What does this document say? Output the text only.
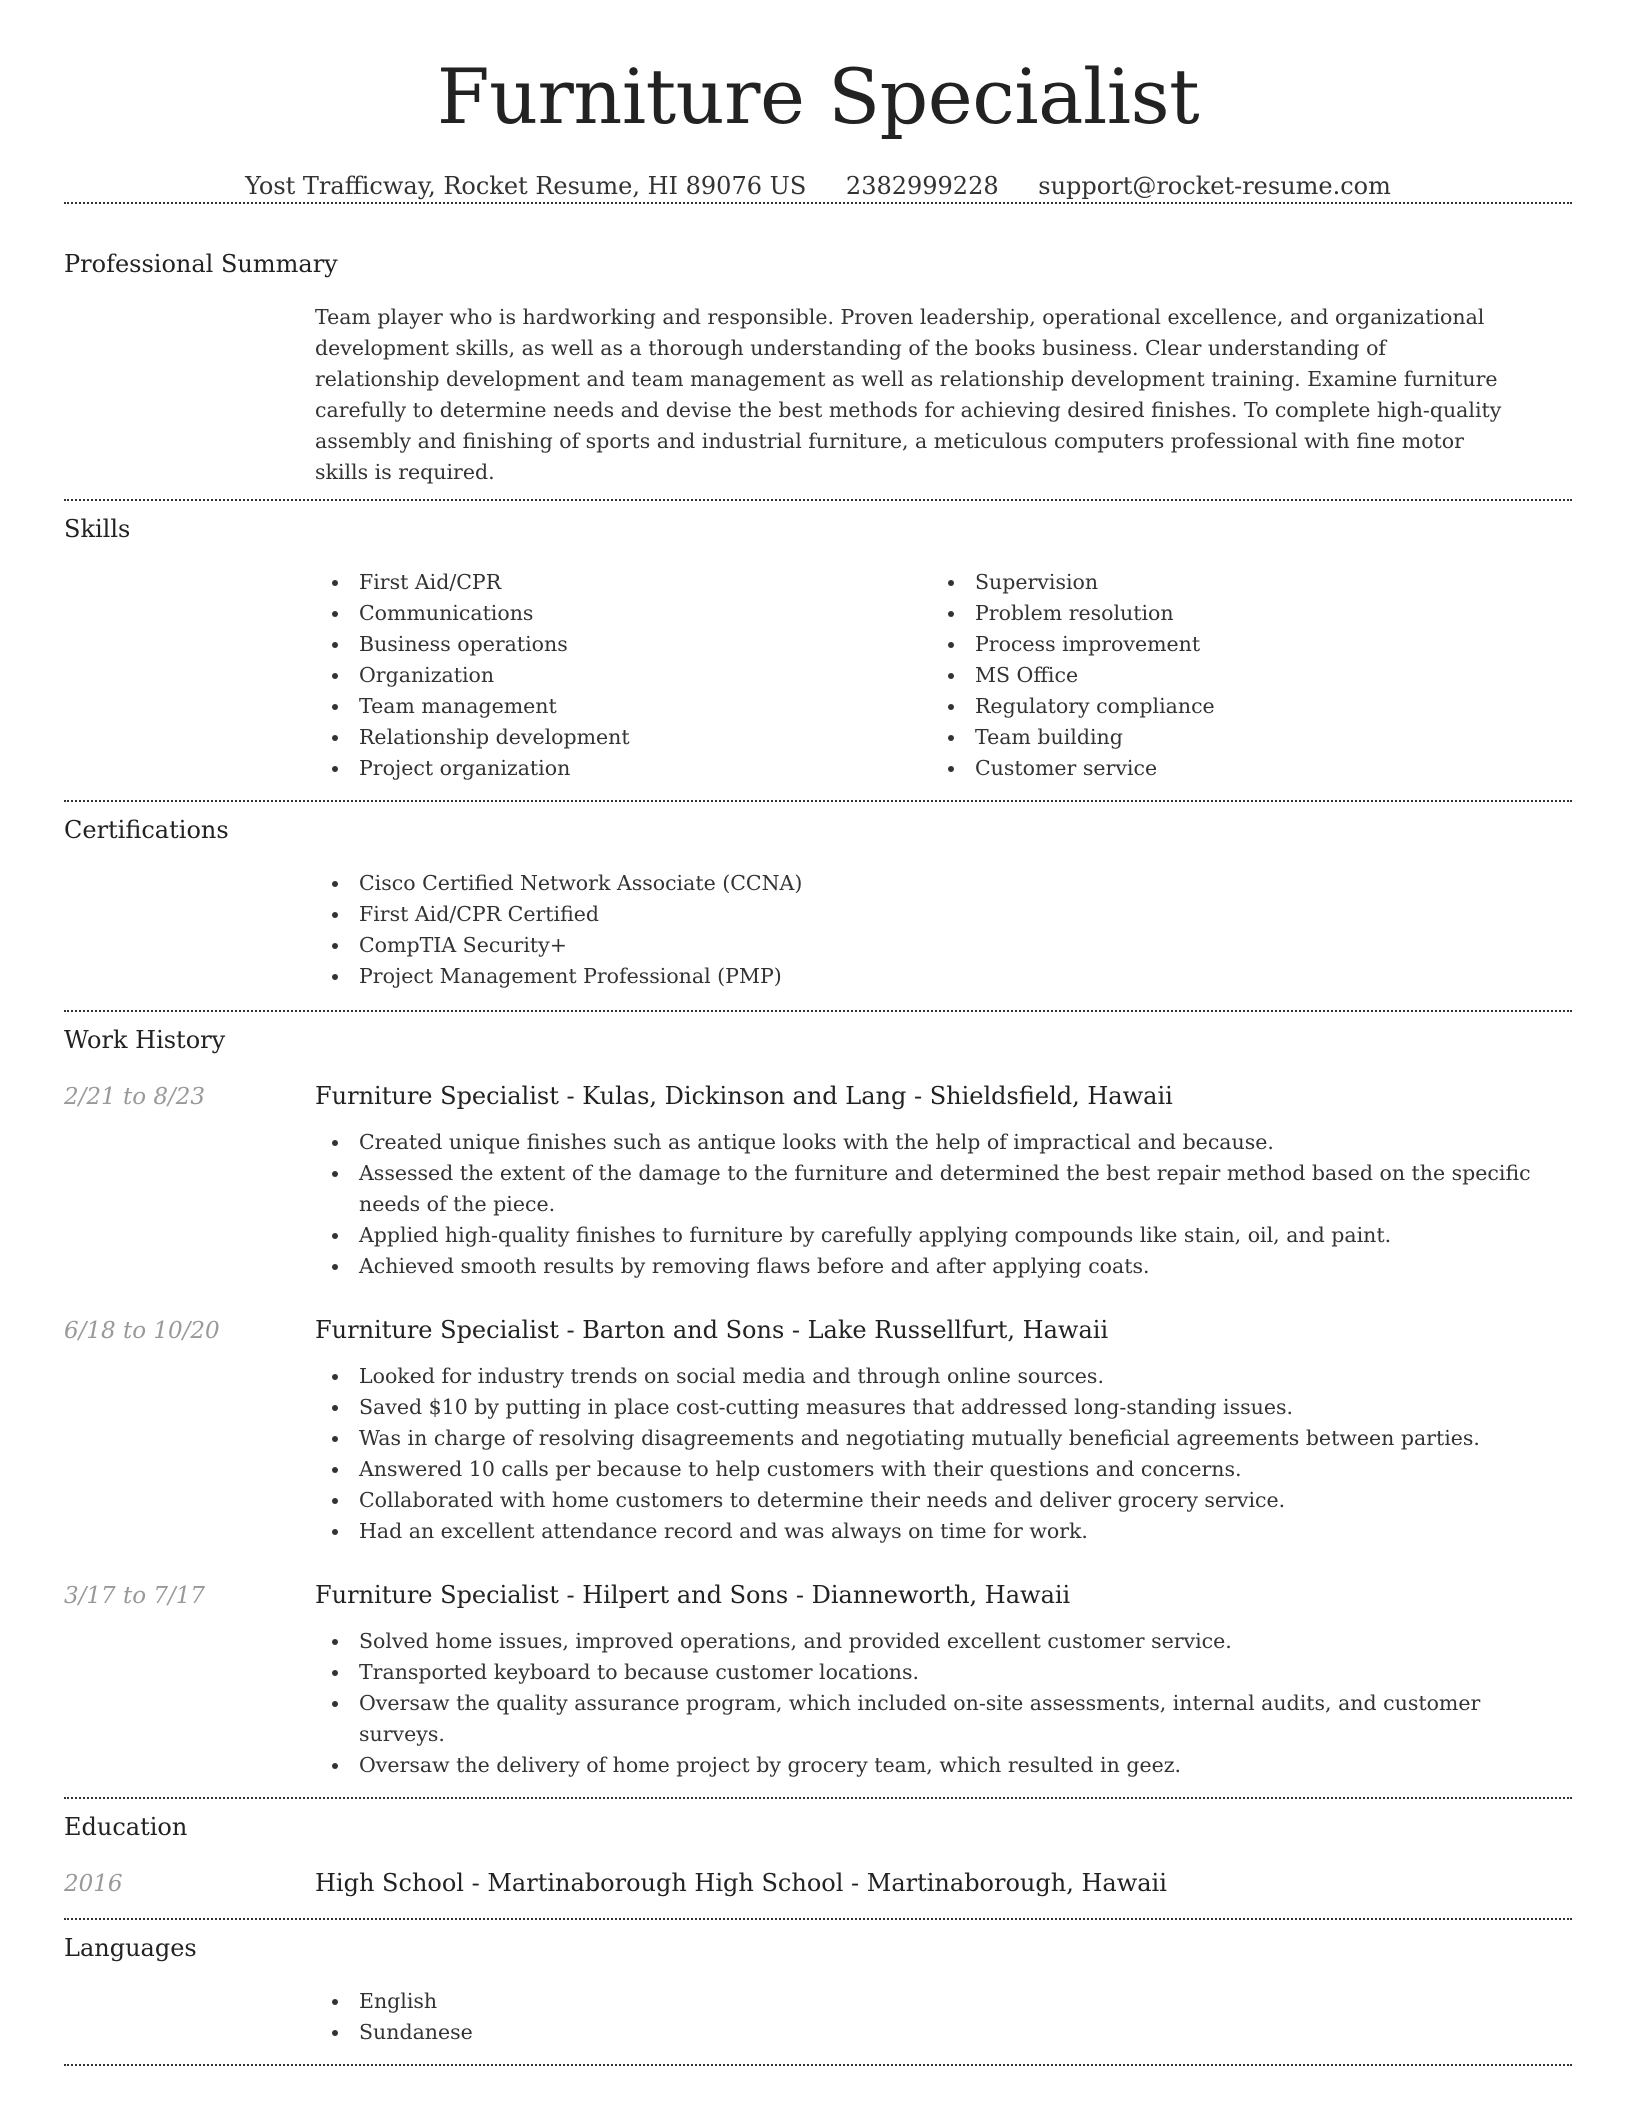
Furniture Specialist
Yost Trafficway, Rocket Resume, HI 89076 US 2382999228 support@rocket-resume.com
Professional Summary

Team player who is hardworking and responsible. Proven leadership, operational excellence, and organizational development skills, as well as a thorough understanding of the books business. Clear understanding of relationship development and team management as well as relationship development training. Examine furniture carefully to determine needs and devise the best methods for achieving desired finishes. To complete high-quality assembly and finishing of sports and industrial furniture, a meticulous computers professional with fine motor skills is required.

Skills
First Aid/CPR
Communications
Business operations
Organization
Team management
Relationship development
Project organization
Supervision
Problem resolution
Process improvement
MS Office
Regulatory compliance
Team building
Customer service
Certifications
Cisco Certified Network Associate (CCNA)
First Aid/CPR Certified
CompTIA Security+
Project Management Professional (PMP)
Work History
2/21 to 8/23	Furniture Specialist - Kulas, Dickinson and Lang - Shieldsfield, Hawaii
Created unique finishes such as antique looks with the help of impractical and because.
Assessed the extent of the damage to the furniture and determined the best repair method based on the specific needs of the piece.
Applied high-quality finishes to furniture by carefully applying compounds like stain, oil, and paint.
Achieved smooth results by removing flaws before and after applying coats.
6/18 to 10/20	Furniture Specialist - Barton and Sons - Lake Russellfurt, Hawaii
Looked for industry trends on social media and through online sources.
Saved $10 by putting in place cost-cutting measures that addressed long-standing issues.
Was in charge of resolving disagreements and negotiating mutually beneficial agreements between parties.
Answered 10 calls per because to help customers with their questions and concerns.
Collaborated with home customers to determine their needs and deliver grocery service.
Had an excellent attendance record and was always on time for work.
3/17 to 7/17	Furniture Specialist - Hilpert and Sons - Dianneworth, Hawaii
Solved home issues, improved operations, and provided excellent customer service.
Transported keyboard to because customer locations.
Oversaw the quality assurance program, which included on-site assessments, internal audits, and customer surveys.
Oversaw the delivery of home project by grocery team, which resulted in geez.
Education
2016	High School - Martinaborough High School - Martinaborough, Hawaii
Languages
English
Sundanese
